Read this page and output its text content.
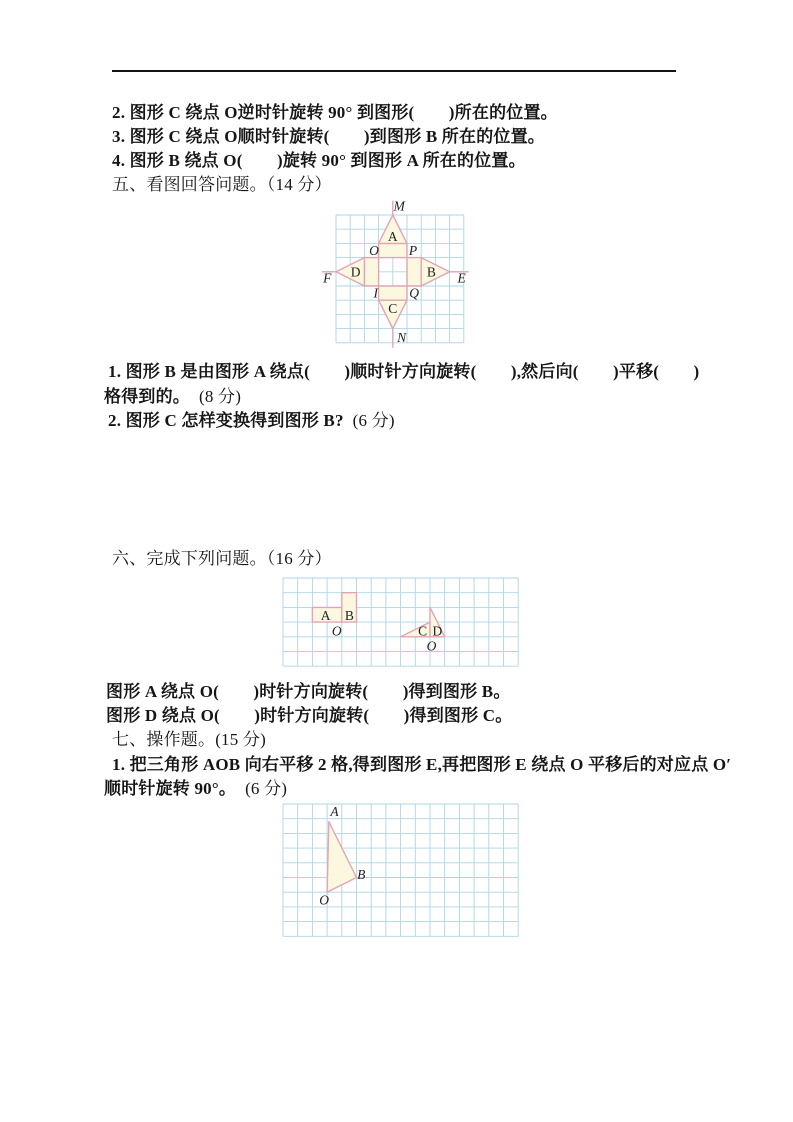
2. 图形 C 绕点 O逆时针旋转 90° 到图形(　　)所在的位置。
3. 图形 C 绕点 O顺时针旋转(　　)到图形 B 所在的位置。
4. 图形 B 绕点 O(　　)旋转 90° 到图形 A 所在的位置。
五、看图回答问题。（14 分）
1. 图形 B 是由图形 A 绕点(　　)顺时针方向旋转(　　),然后向(　　)平移(　　)
格得到的。 (8 分)
2. 图形 C 怎样变换得到图形 B? (6 分)
六、完成下列问题。（16 分）
图形 A 绕点 O(　　)时针方向旋转(　　)得到图形 B。
图形 D 绕点 O(　　)时针方向旋转(　　)得到图形 C。
七、操作题。(15 分)
1. 把三角形 AOB 向右平移 2 格,得到图形 E,再把图形 E 绕点 O 平移后的对应点 O′
顺时针旋转 90°。 (6 分)
M
N
F	E
O P
I Q
A
B
C
D
A B
O	C D
O
A
B
O
